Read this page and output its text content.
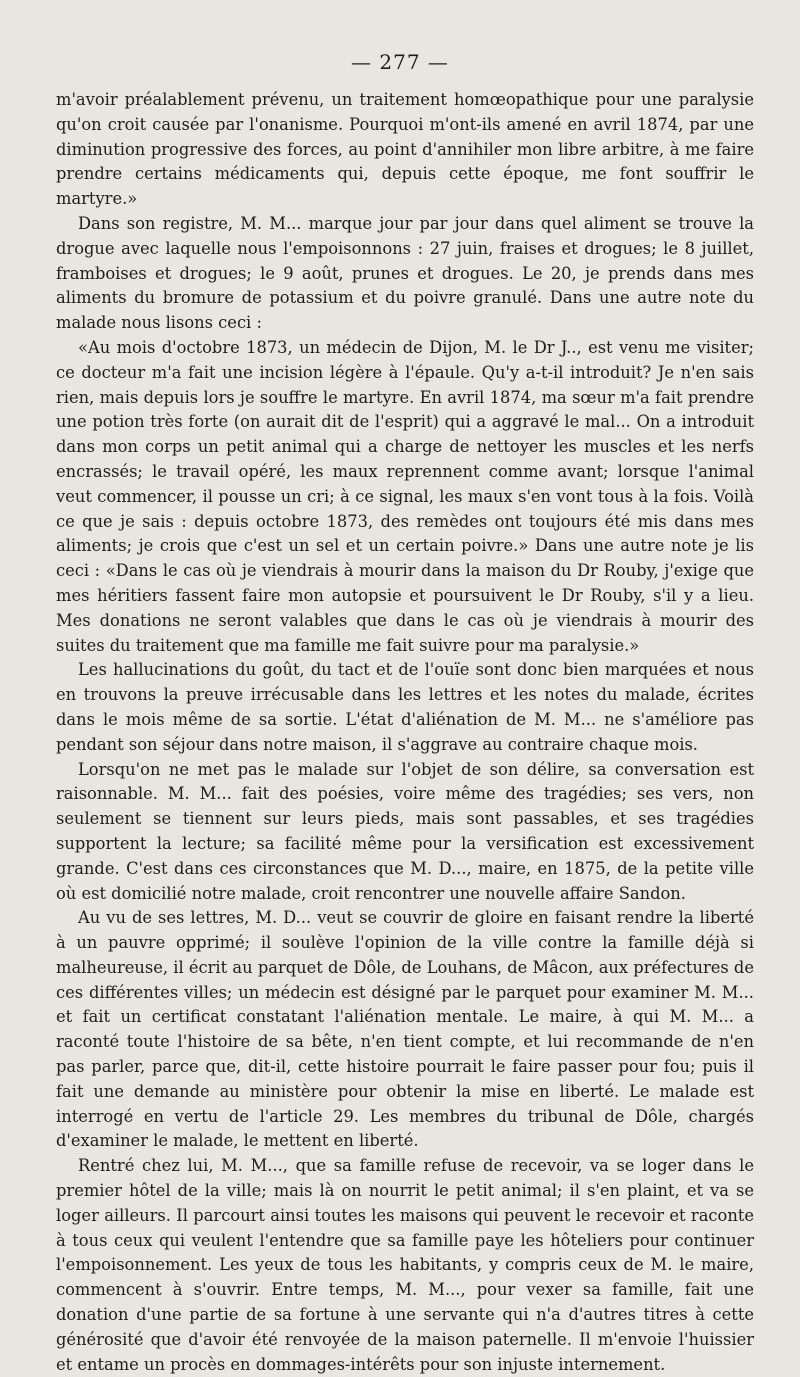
— 277 —

m'avoir préalablement prévenu, un traitement homœopathique pour une paralysie qu'on croit causée par l'onanisme. Pourquoi m'ont-ils amené en avril 1874, par une diminution progressive des forces, au point d'annihiler mon libre arbitre, à me faire prendre certains médicaments qui, depuis cette époque, me font souffrir le martyre.»

Dans son registre, M. M... marque jour par jour dans quel aliment se trouve la drogue avec laquelle nous l'empoisonnons : 27 juin, fraises et drogues; le 8 juillet, framboises et drogues; le 9 août, prunes et drogues. Le 20, je prends dans mes aliments du bromure de potassium et du poivre granulé. Dans une autre note du malade nous lisons ceci :

«Au mois d'octobre 1873, un médecin de Dijon, M. le Dr J.., est venu me visiter; ce docteur m'a fait une incision légère à l'épaule. Qu'y a-t-il introduit? Je n'en sais rien, mais depuis lors je souffre le martyre. En avril 1874, ma sœur m'a fait prendre une potion très forte (on aurait dit de l'esprit) qui a aggravé le mal... On a introduit dans mon corps un petit animal qui a charge de nettoyer les muscles et les nerfs encrassés; le travail opéré, les maux reprennent comme avant; lorsque l'animal veut commencer, il pousse un cri; à ce signal, les maux s'en vont tous à la fois. Voilà ce que je sais : depuis octobre 1873, des remèdes ont toujours été mis dans mes aliments; je crois que c'est un sel et un certain poivre.» Dans une autre note je lis ceci : «Dans le cas où je viendrais à mourir dans la maison du Dr Rouby, j'exige que mes héritiers fassent faire mon autopsie et poursuivent le Dr Rouby, s'il y a lieu. Mes donations ne seront valables que dans le cas où je viendrais à mourir des suites du traitement que ma famille me fait suivre pour ma paralysie.»

Les hallucinations du goût, du tact et de l'ouïe sont donc bien marquées et nous en trouvons la preuve irrécusable dans les lettres et les notes du malade, écrites dans le mois même de sa sortie. L'état d'aliénation de M. M... ne s'améliore pas pendant son séjour dans notre maison, il s'aggrave au contraire chaque mois.

Lorsqu'on ne met pas le malade sur l'objet de son délire, sa conversation est raisonnable. M. M... fait des poésies, voire même des tragédies; ses vers, non seulement se tiennent sur leurs pieds, mais sont passables, et ses tragédies supportent la lecture; sa facilité même pour la versification est excessivement grande. C'est dans ces circonstances que M. D..., maire, en 1875, de la petite ville où est domicilié notre malade, croit rencontrer une nouvelle affaire Sandon.

Au vu de ses lettres, M. D... veut se couvrir de gloire en faisant rendre la liberté à un pauvre opprimé; il soulève l'opinion de la ville contre la famille déjà si malheureuse, il écrit au parquet de Dôle, de Louhans, de Mâcon, aux préfectures de ces différentes villes; un médecin est désigné par le parquet pour examiner M. M... et fait un certificat constatant l'aliénation mentale. Le maire, à qui M. M... a raconté toute l'histoire de sa bête, n'en tient compte, et lui recommande de n'en pas parler, parce que, dit-il, cette histoire pourrait le faire passer pour fou; puis il fait une demande au ministère pour obtenir la mise en liberté. Le malade est interrogé en vertu de l'article 29. Les membres du tribunal de Dôle, chargés d'examiner le malade, le mettent en liberté.

Rentré chez lui, M. M..., que sa famille refuse de recevoir, va se loger dans le premier hôtel de la ville; mais là on nourrit le petit animal; il s'en plaint, et va se loger ailleurs. Il parcourt ainsi toutes les maisons qui peuvent le recevoir et raconte à tous ceux qui veulent l'entendre que sa famille paye les hôteliers pour continuer l'empoisonnement. Les yeux de tous les habitants, y compris ceux de M. le maire, commencent à s'ouvrir. Entre temps, M. M..., pour vexer sa famille, fait une donation d'une partie de sa fortune à une servante qui n'a d'autres titres à cette générosité que d'avoir été renvoyée de la maison paternelle. Il m'envoie l'huissier et entame un procès en dommages-intérêts pour son injuste internement.
